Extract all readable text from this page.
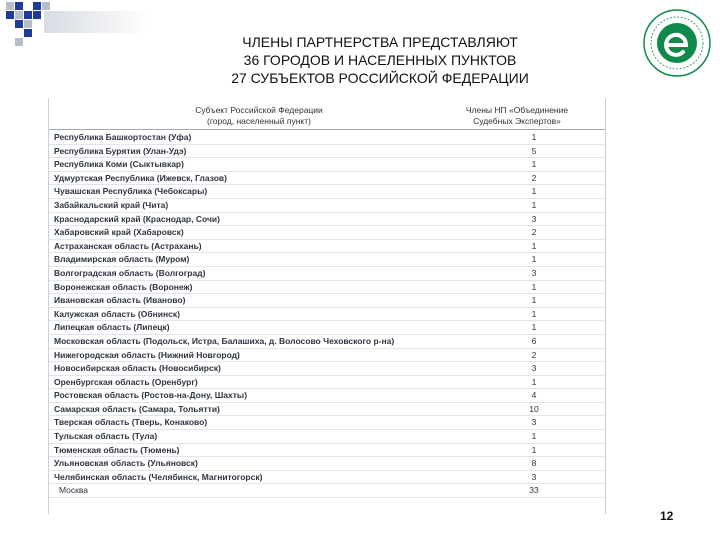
ЧЛЕНЫ ПАРТНЕРСТВА ПРЕДСТАВЛЯЮТ
36 ГОРОДОВ И НАСЕЛЕННЫХ ПУНКТОВ
27 СУБЪЕКТОВ РОССИЙСКОЙ ФЕДЕРАЦИИ
Субъект Российской Федерации
(город, населенный пункт)
Члены НП «Объединение
Судебных Экспертов»
Республика Башкортостан (Уфа)	1
Республика Бурятия (Улан-Удэ)	5
Республика Коми (Сыктывкар)	1
Удмуртская Республика (Ижевск, Глазов)	2
Чувашская Республика (Чебоксары)	1
Забайкальский край (Чита)	1
Краснодарский край (Краснодар, Сочи)	3
Хабаровский край (Хабаровск)	2
Астраханская область (Астрахань)	1
Владимирская область (Муром)	1
Волгоградская область (Волгоград)	3
Воронежская область (Воронеж)	1
Ивановская область (Иваново)	1
Калужская область (Обнинск)	1
Липецкая область (Липецк)	1
Московская область (Подольск, Истра, Балашиха, д. Волосово Чеховского р-на)	6
Нижегородская область (Нижний Новгород)	2
Новосибирская область (Новосибирск)	3
Оренбургская область (Оренбург)	1
Ростовская область (Ростов-на-Дону, Шахты)	4
Самарская область (Самара, Тольятти)	10
Тверская область (Тверь, Конаково)	3
Тульская область (Тула)	1
Тюменская область (Тюмень)	1
Ульяновская область (Ульяновск)	8
Челябинская область (Челябинск, Магнитогорск)	3
Москва	33
12
